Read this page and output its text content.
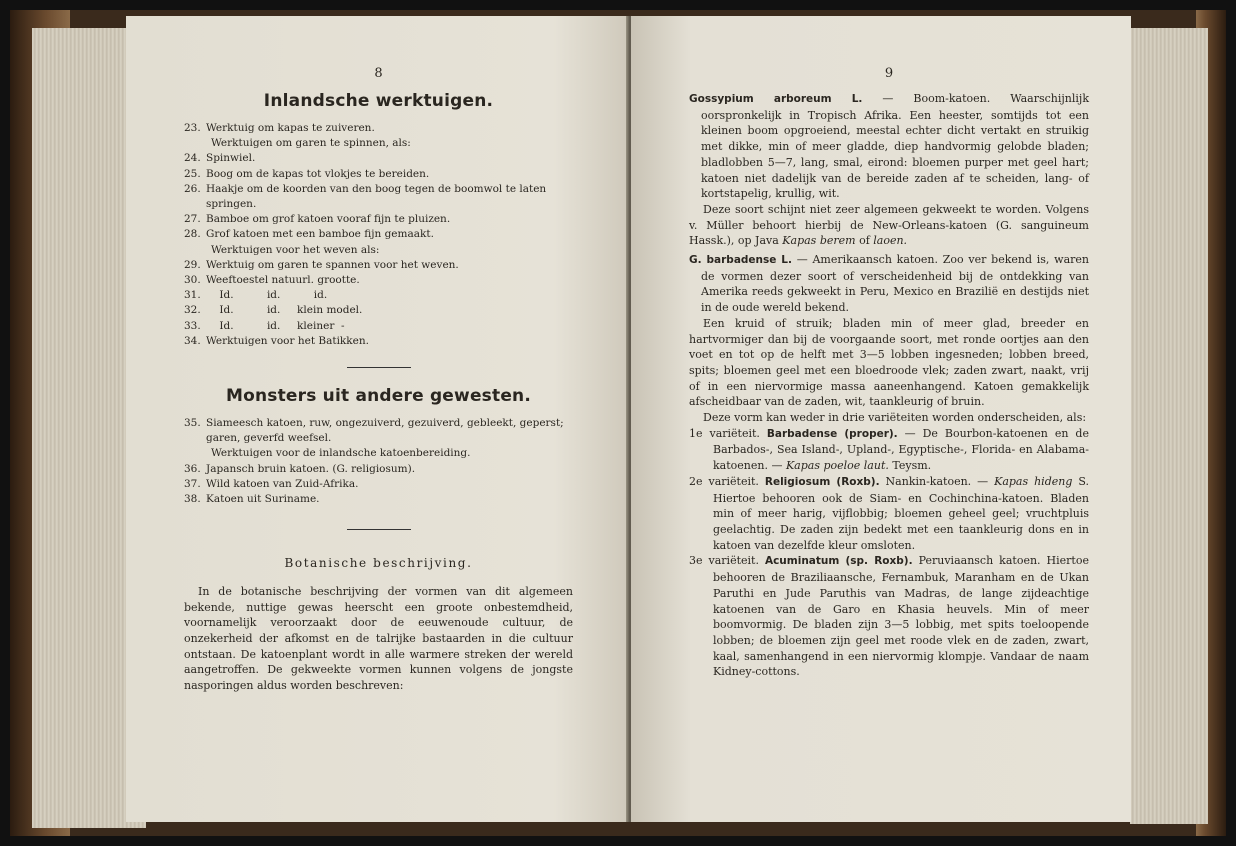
8
Inlandsche werktuigen.
23. Werktuig om kapas te zuiveren.
Werktuigen om garen te spinnen, als:
24. Spinwiel.
25. Boog om de kapas tot vlokjes te bereiden.
26. Haakje om de koorden van den boog tegen de boomwol te laten springen.
27. Bamboe om grof katoen vooraf fijn te pluizen.
28. Grof katoen met een bamboe fijn gemaakt.
Werktuigen voor het weven als:
29. Werktuig om garen te spannen voor het weven.
30. Weeftoestel natuurl. grootte.
31. Id.          id.          id.
32. Id.          id.     klein model.
33. Id.          id.     kleiner  -
34. Werktuigen voor het Batikken.
Monsters uit andere gewesten.
35. Siameesch katoen, ruw, ongezuiverd, gezuiverd, gebleekt, geperst; garen, geverfd weefsel.
Werktuigen voor de inlandsche katoenbereiding.
36. Japansch bruin katoen. (G. religiosum).
37. Wild katoen van Zuid-Afrika.
38. Katoen uit Suriname.
Botanische beschrijving.

In de botanische beschrijving der vormen van dit algemeen bekende, nuttige gewas heerscht een groote onbestemdheid, voornamelijk veroorzaakt door de eeuwenoude cultuur, de onzekerheid der afkomst en de talrijke bastaarden in die cultuur ontstaan. De katoenplant wordt in alle warmere streken der wereld aangetroffen. De gekweekte vormen kunnen volgens de jongste nasporingen aldus worden beschreven:

9

Gossypium arboreum L. — Boom-katoen. Waarschijnlijk oorspronkelijk in Tropisch Afrika. Een heester, somtijds tot een kleinen boom opgroeiend, meestal echter dicht vertakt en struikig met dikke, min of meer gladde, diep handvormig gelobde bladen; bladlobben 5—7, lang, smal, eirond: bloemen purper met geel hart; katoen niet dadelijk van de bereide zaden af te scheiden, lang- of kortstapelig, krullig, wit.

Deze soort schijnt niet zeer algemeen gekweekt te worden. Volgens v. Müller behoort hierbij de New-Orleans-katoen (G. sanguineum Hassk.), op Java Kapas berem of laoen.

G. barbadense L. — Amerikaansch katoen. Zoo ver bekend is, waren de vormen dezer soort of verscheidenheid bij de ontdekking van Amerika reeds gekweekt in Peru, Mexico en Brazilië en destijds niet in de oude wereld bekend.

Een kruid of struik; bladen min of meer glad, breeder en hartvormiger dan bij de voorgaande soort, met ronde oortjes aan den voet en tot op de helft met 3—5 lobben ingesneden; lobben breed, spits; bloemen geel met een bloedroode vlek; zaden zwart, naakt, vrij of in een niervormige massa aaneenhangend. Katoen gemakkelijk afscheidbaar van de zaden, wit, taankleurig of bruin.

Deze vorm kan weder in drie variëteiten worden onderscheiden, als:

1e variëteit. Barbadense (proper). — De Bourbon-katoenen en de Barbados-, Sea Island-, Upland-, Egyptische-, Florida- en Alabama-katoenen. — Kapas poeloe laut. Teysm.

2e variëteit. Religiosum (Roxb). Nankin-katoen. — Kapas hideng S. Hiertoe behooren ook de Siam- en Cochinchina-katoen. Bladen min of meer harig, vijflobbig; bloemen geheel geel; vruchtpluis geelachtig. De zaden zijn bedekt met een taankleurig dons en in katoen van dezelfde kleur omsloten.

3e variëteit. Acuminatum (sp. Roxb). Peruviaansch katoen. Hiertoe behooren de Braziliaansche, Fernambuk, Maranham en de Ukan Paruthi en Jude Paruthis van Madras, de lange zijdeachtige katoenen van de Garo en Khasia heuvels. Min of meer boomvormig. De bladen zijn 3—5 lobbig, met spits toeloopende lobben; de bloemen zijn geel met roode vlek en de zaden, zwart, kaal, samenhangend in een niervormig klompje. Vandaar de naam Kidney-cottons.
